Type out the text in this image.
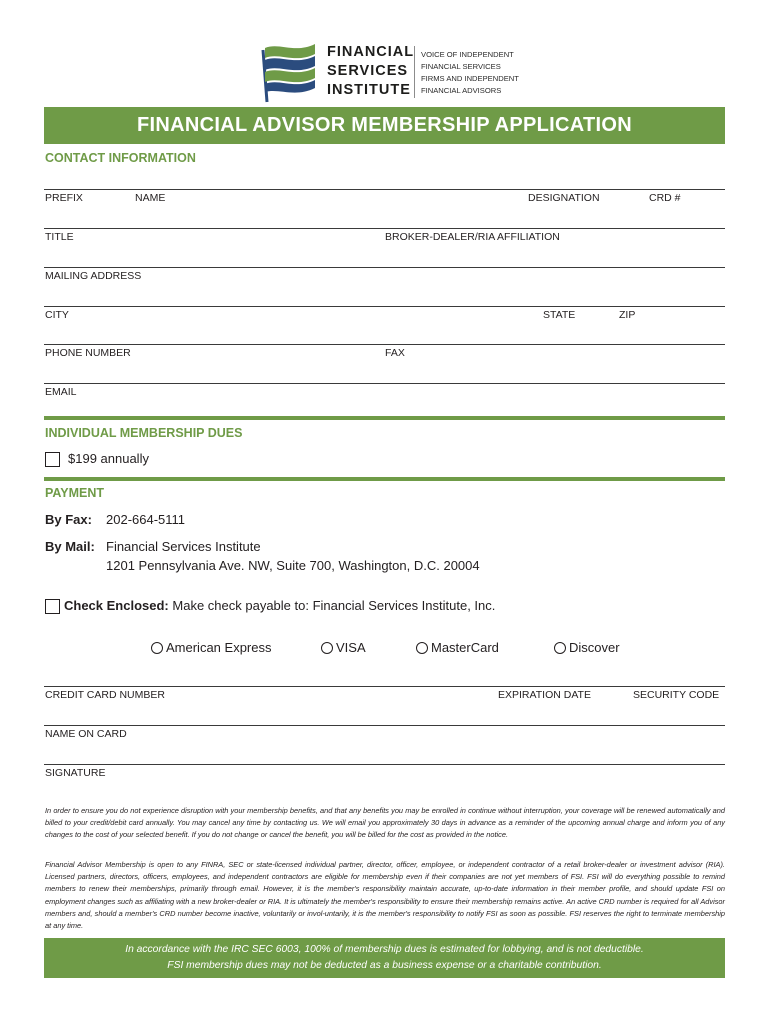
FINANCIAL
SERVICES
INSTITUTE
VOICE OF INDEPENDENT
FINANCIAL SERVICES
FIRMS AND INDEPENDENT
FINANCIAL ADVISORS
FINANCIAL ADVISOR MEMBERSHIP APPLICATION
CONTACT INFORMATION
PREFIX	NAME	DESIGNATION	CRD #
TITLE	BROKER-DEALER/RIA AFFILIATION
MAILING ADDRESS
CITY	STATE	ZIP
PHONE NUMBER	FAX
EMAIL
INDIVIDUAL MEMBERSHIP DUES
$199 annually
PAYMENT
By Fax: 202-664-5111
By Mail: Financial Services Institute
1201 Pennsylvania Ave. NW, Suite 700, Washington, D.C. 20004
Check Enclosed: Make check payable to: Financial Services Institute, Inc.
American Express	VISA	MasterCard	Discover
CREDIT CARD NUMBER	EXPIRATION DATE	SECURITY CODE
NAME ON CARD
SIGNATURE
In order to ensure you do not experience disruption with your membership benefits, and that any benefits you may be enrolled in continue without interruption, your coverage will be renewed automatically and billed to your credit/debit card annually. You may cancel any time by contacting us. We will email you approximately 30 days in advance as a reminder of the upcoming annual charge and inform you of any changes to the cost of your selected benefit. If you do not change or cancel the benefit, you will be billed for the cost as provided in the notice.
Financial Advisor Membership is open to any FINRA, SEC or state-licensed individual partner, director, officer, employee, or independent contractor of a retail broker-dealer or investment advisor (RIA). Licensed partners, directors, officers, employees, and independent contractors are eligible for membership even if their companies are not yet members of FSI. FSI will do everything possible to remind members to renew their memberships, primarily through email. However, it is the member's responsibility maintain accurate, up-to-date information in their member profile, and should update FSI on employment changes such as affiliating with a new broker-dealer or RIA. It is ultimately the member's responsibility to ensure their membership remains active. An active CRD number is required for all Advisor members and, should a member's CRD number become inactive, voluntarily or invol-untarily, it is the member's responsibility to notify FSI as soon as possible. FSI reserves the right to terminate membership at any time.
In accordance with the IRC SEC 6003, 100% of membership dues is estimated for lobbying, and is not deductible.
FSI membership dues may not be deducted as a business expense or a charitable contribution.
